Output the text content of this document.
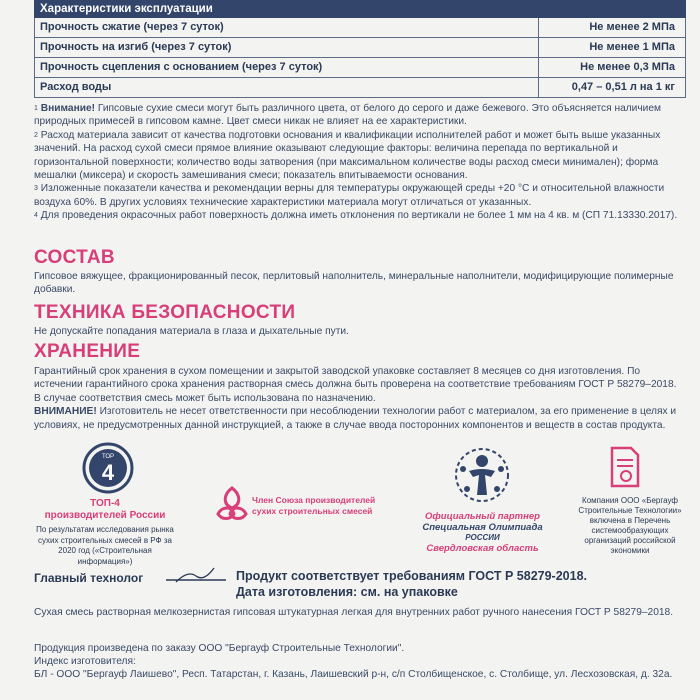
Характеристики эксплуатации
Прочность сжатие (через 7 суток)	Не менее 2 МПа
Прочность на изгиб (через 7 суток)	Не менее 1 МПа
Прочность сцепления с основанием (через 7 суток)	Не менее 0,3 МПа
Расход воды	0,47 – 0,51 л на 1 кг

$^1$ Внимание! Гипсовые сухие смеси могут быть различного цвета, от белого до серого и даже бежевого. Это объясняется наличием природных примесей в гипсовом камне. Цвет смеси никак не влияет на ее характеристики.

$^2$ Расход материала зависит от качества подготовки основания и квалификации исполнителей работ и может быть выше указанных значений. На расход сухой смеси прямое влияние оказывают следующие факторы: величина перепада по вертикальной и горизонтальной поверхности; количество воды затворения (при максимальном количестве воды расход смеси минимален); форма мешалки (миксера) и скорость замешивания смеси; показатель впитываемости основания.

$^3$ Изложенные показатели качества и рекомендации верны для температуры окружающей среды +20 °С и относительной влажности воздуха 60%. В других условиях технические характеристики материала могут отличаться от указанных.

$^4$ Для проведения окрасочных работ поверхность должна иметь отклонения по вертикали не более 1 мм на 4 кв. м (СП 71.13330.2017).

СОСТАВ

Гипсовое вяжущее, фракционированный песок, перлитовый наполнитель, минеральные наполнители, модифицирующие полимерные добавки.

ТЕХНИКА БЕЗОПАСНОСТИ

Не допускайте попадания материала в глаза и дыхательные пути.

ХРАНЕНИЕ

Гарантийный срок хранения в сухом помещении и закрытой заводской упаковке составляет 8 месяцев со дня изготовления. По истечении гарантийного срока хранения растворная смесь должна быть проверена на соответствие требованиям ГОСТ Р 58279–2018. В случае соответствия смесь может быть использована по назначению.

ВНИМАНИЕ! Изготовитель не несет ответственности при несоблюдении технологии работ с материалом, за его применение в целях и условиях, не предусмотренных данной инструкцией, а также в случае ввода посторонних компонентов и веществ в состав продукта.

ТОР
4
ТОП-4
производителей России
По результатам исследования рынка сухих строительных смесей в РФ за 2020 год («Строительная информация»)
Член Союза производителей сухих строительных смесей
Официальный партнер
Специальная Олимпиада
РОССИИ
Свердловская область
Компания ООО «Бергауф Строительные Технологии» включена в Перечень системообразующих организаций российской экономики
Главный технолог	Продукт соответствует требованиям ГОСТ Р 58279-2018.
Дата изготовления: см. на упаковке

Сухая смесь растворная мелкозернистая гипсовая штукатурная легкая для внутренних работ ручного нанесения ГОСТ Р 58279–2018.

Продукция произведена по заказу ООО "Бергауф Строительные Технологии".

Индекс изготовителя:

БЛ - ООО "Бергауф Лаишево", Респ. Татарстан, г. Казань, Лаишевский р-н, с/п Столбищенское, с. Столбище, ул. Лесхозовская, д. 32а.
